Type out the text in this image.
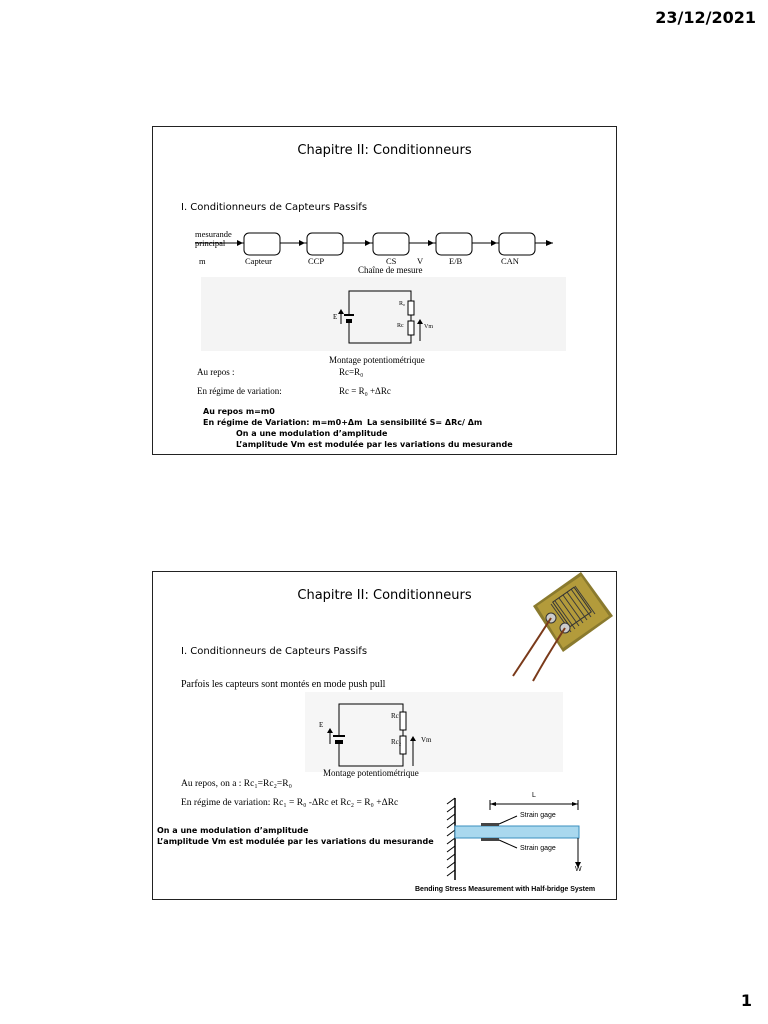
23/12/2021
Chapitre II: Conditionneurs
I. Conditionneurs de Capteurs Passifs
mesurande
principal
m	Capteur	CCP	CS V	E/B	CAN
Chaîne de mesure
E
R₀
Rc	Vm
Montage potentiométrique
Au repos :	Rc=R₀
En régime de variation:	Rc = R₀ +ΔRc
Au repos m=m0
En régime de Variation: m=m0+Δm La sensibilité S= ΔRc/ Δm
On a une modulation d’amplitude
L’amplitude Vm est modulée par les variations du mesurande
Chapitre II: Conditionneurs
I. Conditionneurs de Capteurs Passifs
Parfois les capteurs sont montés en mode push pull
E
Rc₁
Rc₂	Vm
Montage potentiométrique
Au repos, on a : Rc₁=Rc₂=R₀
En régime de variation: Rc₁ = R₀ -ΔRc et Rc₂ = R₀ +ΔRc
On a une modulation d’amplitude
L’amplitude Vm est modulée par les variations du mesurande
L
Strain gage
Strain gage
W
Bending Stress Measurement with Half-bridge System
1
